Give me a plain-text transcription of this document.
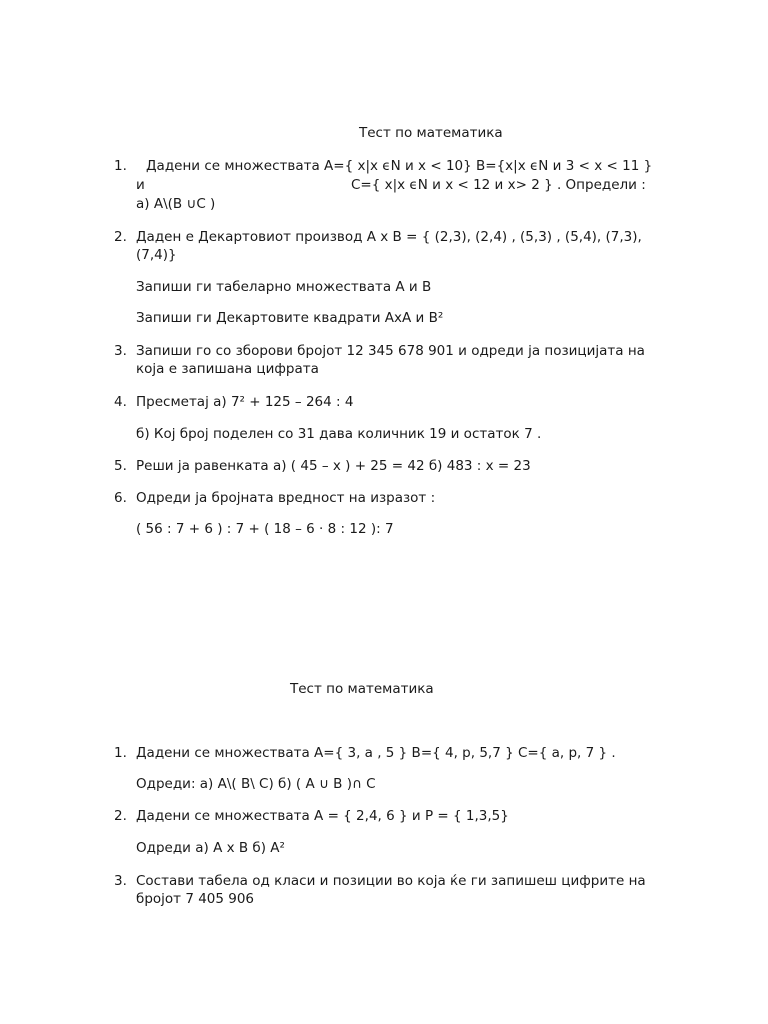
Тест по математика
1. Дадени се множествата A={ x|x ϵN и x < 10} B={x|x ϵN и 3 < x < 11 }
и	C={ x|x ϵN и x < 12 и x> 2 } . Определи :
а) A\(B ∪C )
2. Даден е Декартовиот производ A x B = { (2,3), (2,4) , (5,3) , (5,4), (7,3),
(7,4)}
Запиши ги табеларно множествата А и В
Запиши ги Декартовите квадрати АхА и В²
3. Запиши го со зборови бројот 12 345 678 901 и одреди ја позицијата на
која е запишана цифрата
4. Пресметај а) 7² + 125 – 264 : 4
б) Кој број поделен со 31 дава количник 19 и остаток 7 .
5. Реши ја равенката а) ( 45 – x ) + 25 = 42 б) 483 : x = 23
6. Одреди ја бројната вредност на изразот :
( 56 : 7 + 6 ) : 7 + ( 18 – 6 · 8 : 12 ): 7
Тест по математика
1. Дадени се множествата A={ 3, a , 5 } B={ 4, p, 5,7 } C={ a, p, 7 } .
Одреди: а) A\( B\ C) б) ( A ∪ B )∩ C
2. Дадени се множествата A = { 2,4, 6 } и P = { 1,3,5}
Одреди а) A x B б) A²
3. Состави табела од класи и позиции во која ќе ги запишеш цифрите на
бројот 7 405 906
